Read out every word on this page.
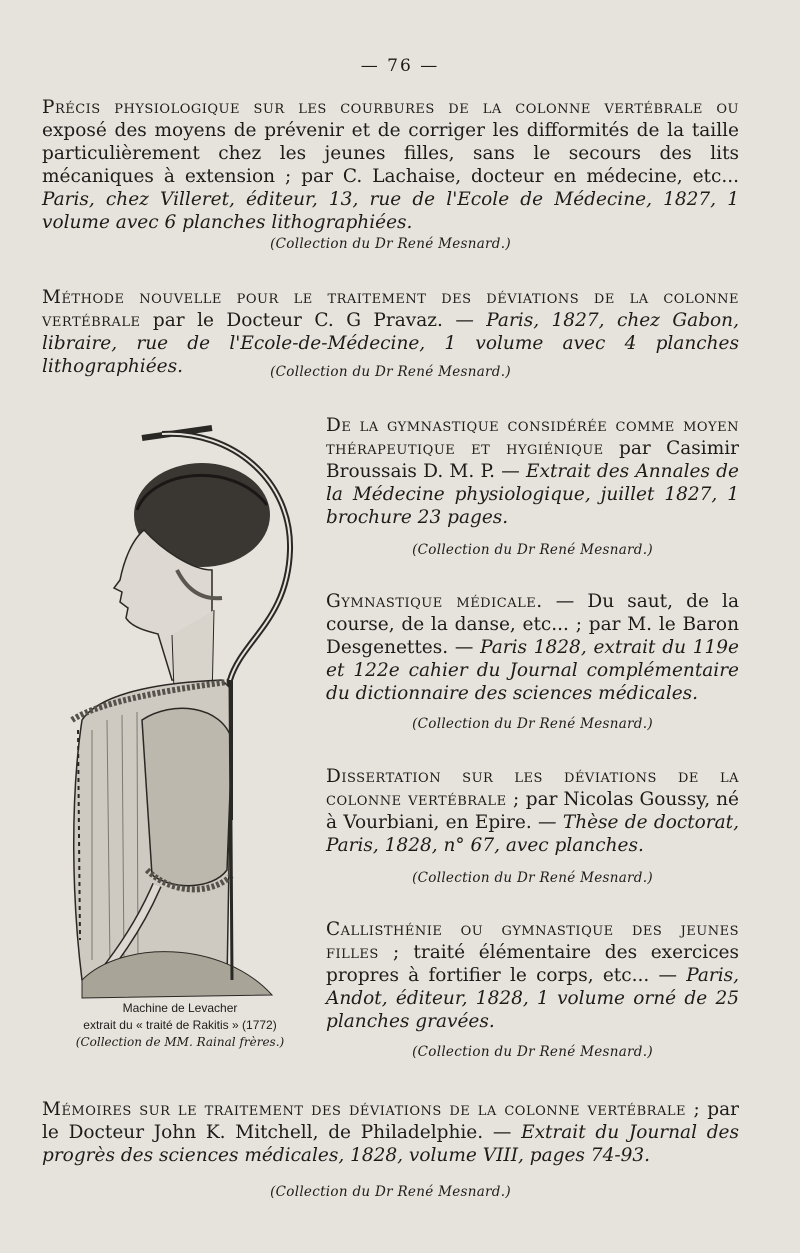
— 76 —
Précis physiologique sur les courbures de la colonne vertébrale ou exposé des moyens de prévenir et de corriger les difformités de la taille particulièrement chez les jeunes filles, sans le secours des lits mécaniques à extension ; par C. Lachaise, docteur en médecine, etc... Paris, chez Villeret, éditeur, 13, rue de l'Ecole de Médecine, 1827, 1 volume avec 6 planches lithographiées.
(Collection du Dr René Mesnard.)
Méthode nouvelle pour le traitement des déviations de la colonne vertébrale par le Docteur C. G Pravaz. — Paris, 1827, chez Gabon, libraire, rue de l'Ecole-de-Médecine, 1 volume avec 4 planches lithographiées.	(Collection du Dr René Mesnard.)
Machine de Levacher
extrait du « traité de Rakitis » (1772)
(Collection de MM. Rainal frères.)
De la gymnastique considérée comme moyen thérapeutique et hygiénique par Casimir Broussais D. M. P. — Extrait des Annales de la Médecine physiologique, juillet 1827, 1 brochure 23 pages.
(Collection du Dr René Mesnard.)
Gymnastique médicale. — Du saut, de la course, de la danse, etc... ; par M. le Baron Desgenettes. — Paris 1828, extrait du 119e et 122e cahier du Journal complémentaire du dictionnaire des sciences médicales.
(Collection du Dr René Mesnard.)
Dissertation sur les déviations de la colonne vertébrale ; par Nicolas Goussy, né à Vourbiani, en Epire. — Thèse de doctorat, Paris, 1828, n° 67, avec planches.
(Collection du Dr René Mesnard.)
Callisthénie ou gymnastique des jeunes filles ; traité élémentaire des exercices propres à fortifier le corps, etc... — Paris, Andot, éditeur, 1828, 1 volume orné de 25 planches gravées.
(Collection du Dr René Mesnard.)
Mémoires sur le traitement des déviations de la colonne vertébrale ; par le Docteur John K. Mitchell, de Philadelphie. — Extrait du Journal des progrès des sciences médicales, 1828, volume VIII, pages 74-93.
(Collection du Dr René Mesnard.)
